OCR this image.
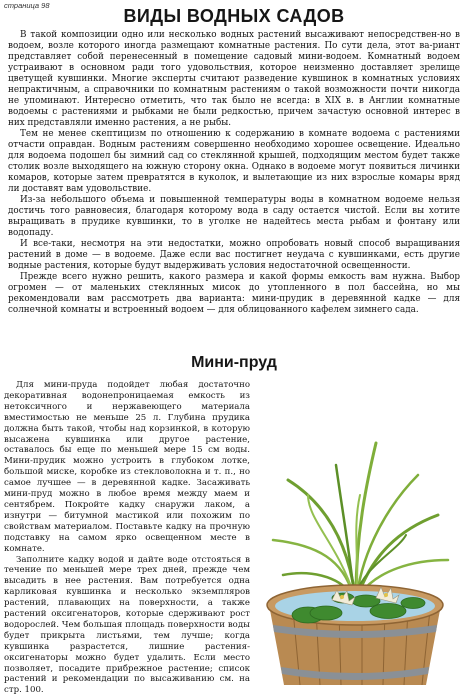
страница 98
ВИДЫ ВОДНЫХ САДОВ

В такой композиции одно или несколько водных растений высаживают непосредствен-но в водоем, возле которого иногда размещают комнатные растения. По сути дела, этот ва-риант представляет собой перенесенный в помещение садовый мини-водоем. Комнатный водоем устраивают в основном ради того удовольствия, которое неизменно доставляет зрелище цветущей кувшинки. Многие эксперты считают разведение кувшинок в комнатных условиях непрактичным, а справочники по комнатным растениям о такой возможности почти никогда не упоминают. Интересно отметить, что так было не всегда: в XIX в. в Англии комнатные водоемы с растениями и рыбками не были редкостью, причем зачастую основной интерес в них представляли именно растения, а не рыбы.

Тем не менее скептицизм по отношению к содержанию в комнате водоема с растениями отчасти оправдан. Водным растениям совершенно необходимо хорошее освещение. Идеально для водоема подошел бы зимний сад со стеклянной крышей, подходящим местом будет также столик возле выходящего на южную сторону окна. Однако в водоеме могут появиться личинки комаров, которые затем превратятся в куколок, и вылетающие из них взрослые комары вряд ли доставят вам удовольствие.

Из-за небольшого объема и повышенной температуры воды в комнатном водоеме нельзя достичь того равновесия, благодаря которому вода в саду остается чистой. Если вы хотите выращивать в прудике кувшинки, то в уголке не надейтесь места рыбам и фонтану или водопаду.

И все-таки, несмотря на эти недостатки, можно опробовать новый способ выращивания растений в доме — в водоеме. Даже если вас постигнет неудача с кувшинками, есть другие водные растения, которые будут выдерживать условия недостаточной освещенности.

Прежде всего нужно решить, какого размера и какой формы емкость вам нужна. Выбор огромен — от маленьких стеклянных мисок до утопленного в пол бассейна, но мы рекомендовали вам рассмотреть два варианта: мини-прудик в деревянной кадке — для солнечной комнаты и встроенный водоем — для облицованного кафелем зимнего сада.

Мини-пруд

Для мини-пруда подойдет любая достаточно декоративная водонепроницаемая емкость из нетоксичного и нержавеющего материала вместимостью не меньше 25 л. Глубина прудика должна быть такой, чтобы над корзинкой, в которую высажена кувшинка или другое растение, оставалось бы еще по меньшей мере 15 см воды. Мини-прудик можно устроить в глубоком лотке, большой миске, коробке из стекловолокна и т. п., но самое лучшее — в деревянной кадке. Засаживать мини-пруд можно в любое время между маем и сентябрем. Покройте кадку снаружи лаком, а изнутри — битумной мастикой или похожим по свойствам материалом. Поставьте кадку на прочную подставку на самом ярко освещенном месте в комнате.

Заполните кадку водой и дайте воде отстояться в течение по меньшей мере трех дней, прежде чем высадить в нее растения. Вам потребуется одна карликовая кувшинка и несколько экземпляров растений, плавающих на поверхности, а также растений оксигенаторов, которые сдерживают рост водорослей. Чем большая площадь поверхности воды будет прикрыта листьями, тем лучше; когда кувшинка разрастется, лишние растения-оксигенаторы можно будет удалить. Если место позволяет, посадите прибрежное растение; список растений и рекомендации по высаживанию см. на стр. 100.
